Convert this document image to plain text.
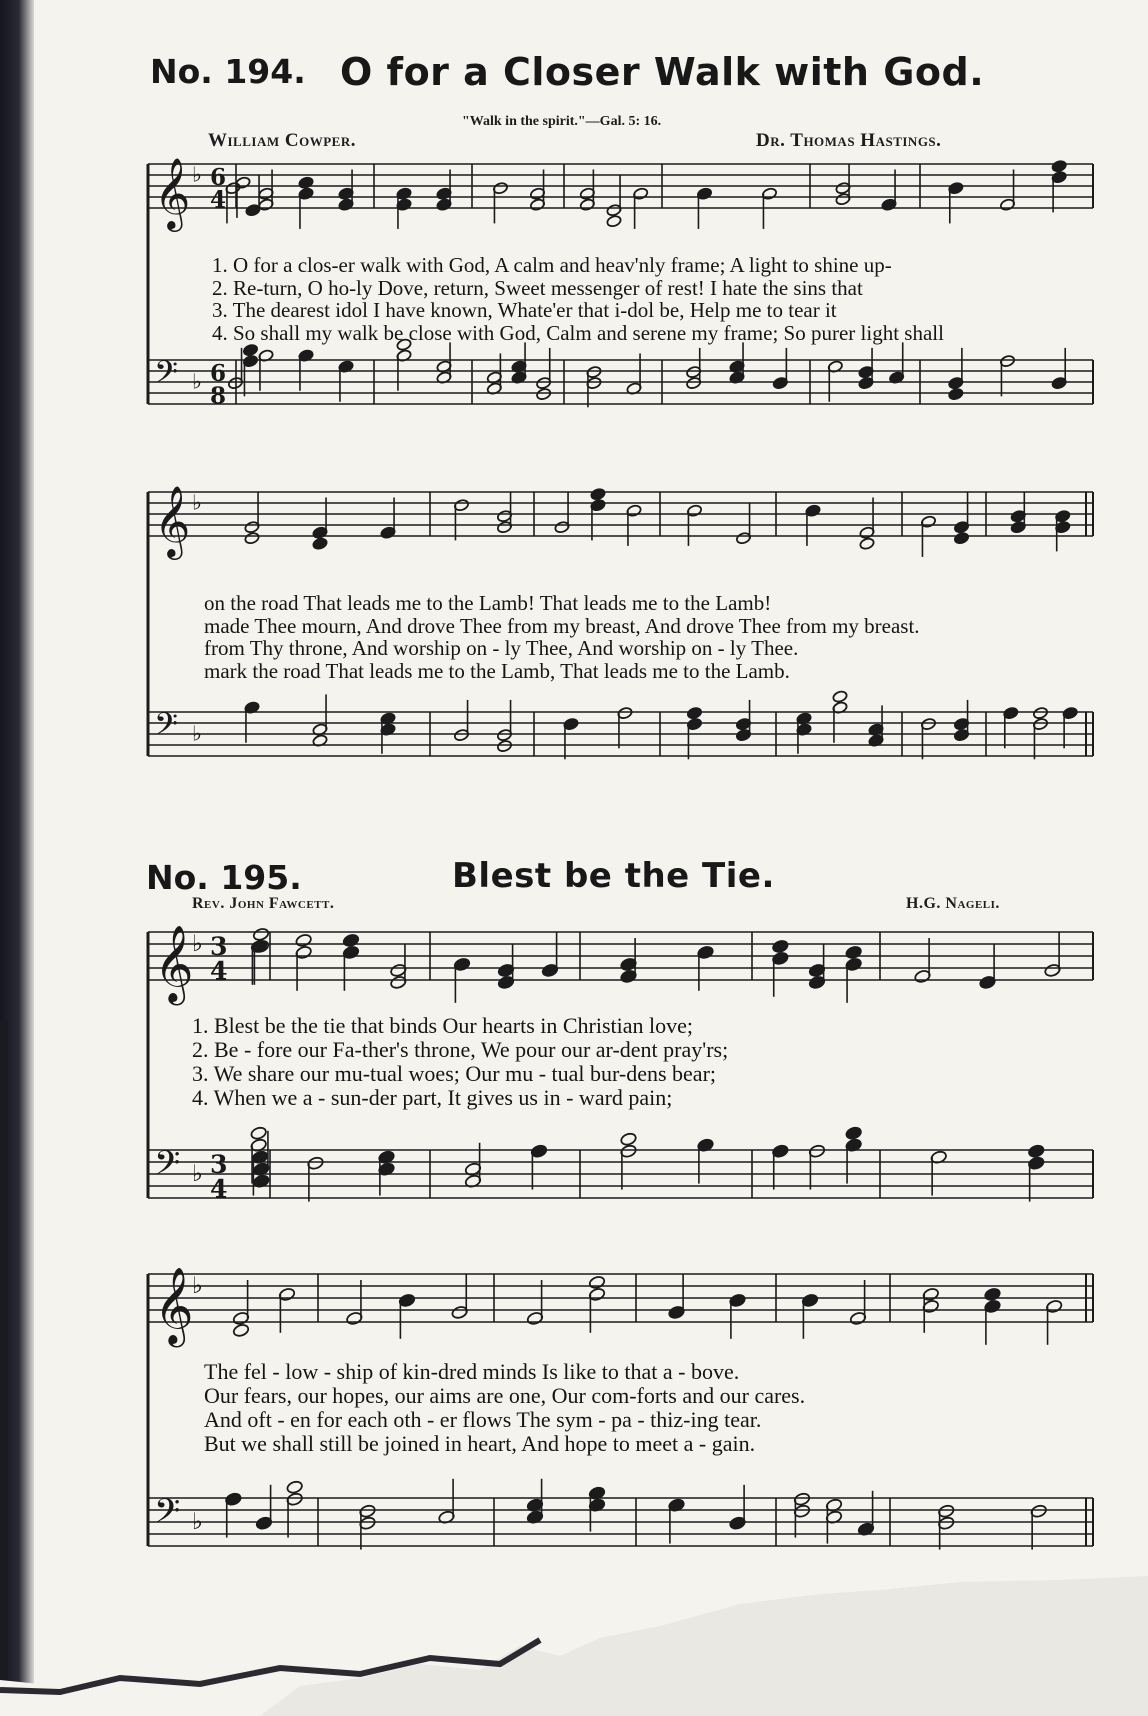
No. 194. O for a Closer Walk with God.
"Walk in the spirit."—Gal. 5: 16.
William Cowper.	Dr. Thomas Hastings.
No. 195.	Blest be the Tie.
Rev. John Fawcett.	H.G. Nageli.
𝄞 ♭ 6
4
𝄢 ♭ 6
8
𝄞 ♭
𝄢 ♭
𝄞
♭ 3
4
𝄢 ♭ 3
4
𝄞
♭
𝄢 ♭
1. O for a clos-er walk with God, A calm and heav'nly frame; A light to shine up-
2. Re-turn, O ho-ly Dove, return, Sweet messenger of rest! I hate the sins that
3. The dearest idol I have known, Whate'er that i-dol be, Help me to tear it
4. So shall my walk be close with God, Calm and serene my frame; So purer light shall
on the road That leads me to the Lamb! That leads me to the Lamb!
made Thee mourn, And drove Thee from my breast, And drove Thee from my breast.
from Thy throne, And worship on - ly Thee, And worship on - ly Thee.
mark the road That leads me to the Lamb, That leads me to the Lamb.
1. Blest be the tie that binds Our hearts in Christian love;
2. Be - fore our Fa-ther's throne, We pour our ar-dent pray'rs;
3. We share our mu-tual woes; Our mu - tual bur-dens bear;
4. When we a - sun-der part, It gives us in - ward pain;
The fel - low - ship of kin-dred minds Is like to that a - bove.
Our fears, our hopes, our aims are one, Our com-forts and our cares.
And oft - en for each oth - er flows The sym - pa - thiz-ing tear.
But we shall still be joined in heart, And hope to meet a - gain.
